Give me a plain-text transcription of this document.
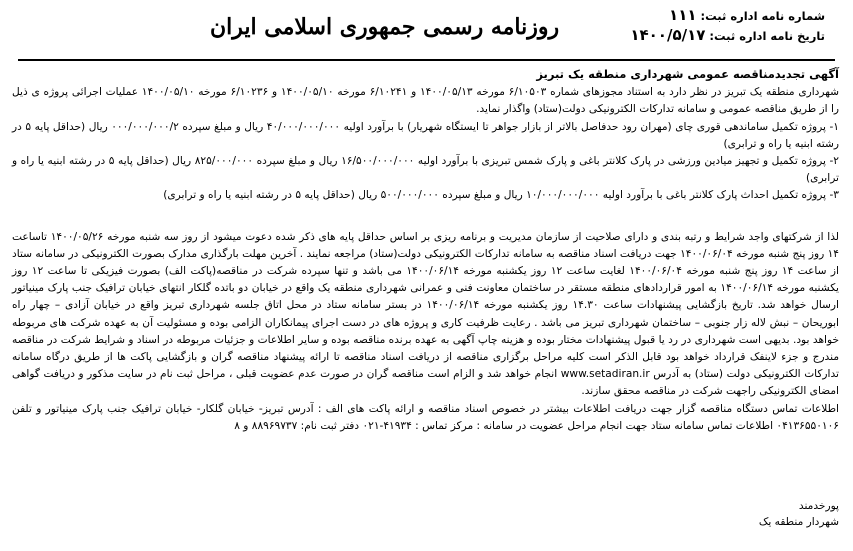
شماره نامه اداره ثبت: ۱۱۱
تاریخ نامه اداره ثبت: ۱۴۰۰/۵/۱۷
روزنامه رسمی جمهوری اسلامی ایران
آگهی تجدیدمناقصه عمومی شهرداری منطقه یک تبریز

شهرداری منطقه یک تبریز در نظر دارد به استناد مجوزهای شماره ۶/۱۰۵۰۳ مورخه ۱۴۰۰/۰۵/۱۳ و ۶/۱۰۲۴۱ مورخه ۱۴۰۰/۰۵/۱۰ و ۶/۱۰۲۳۶ مورخه ۱۴۰۰/۰۵/۱۰ عملیات اجرائی پروژه ی ذیل را از طریق مناقصه عمومی و سامانه تدارکات الکترونیکی دولت(ستاد) واگذار نماید.

۱- پروژه تکمیل ساماندهی قوری چای (مهران رود حدفاصل بالاتر از بازار جواهر تا ایستگاه شهریار) با برآورد اولیه ۴۰/۰۰۰/۰۰۰/۰۰۰ ریال و مبلغ سپرده ۰۰۰/۰۰۰/۰۰۰/۲ ریال (حداقل پایه ۵ در رشته ابنیه یا راه و ترابری)

۲- پروژه تکمیل و تجهیز میادین ورزشی در پارک کلانتر باغی و پارک شمس تبریزی با برآورد اولیه ۱۶/۵۰۰/۰۰۰/۰۰۰ ریال و مبلغ سپرده ۸۲۵/۰۰۰/۰۰۰ ریال (حداقل پایه ۵ در رشته ابنیه یا راه و ترابری)

۳- پروژه تکمیل احداث پارک کلانتر باغی با برآورد اولیه ۱۰/۰۰۰/۰۰۰/۰۰۰ ریال و مبلغ سپرده ۵۰۰/۰۰۰/۰۰۰ ریال (حداقل پایه ۵ در رشته ابنیه یا راه و ترابری)

لذا از شرکتهای واجد شرایط و رتبه بندی و دارای صلاحیت از سازمان مدیریت و برنامه ریزی بر اساس حداقل پایه های ذکر شده دعوت میشود از روز سه شنبه مورخه ۱۴۰۰/۰۵/۲۶ تاساعت ۱۴ روز پنج شنبه مورخه ۱۴۰۰/۰۶/۰۴ جهت دریافت اسناد مناقصه به سامانه تدارکات الکترونیکی دولت(ستاد) مراجعه نمایند . آخرین مهلت بارگذاری مدارک بصورت الکترونیکی در سامانه ستاد از ساعت ۱۴ روز پنج شنبه مورخه ۱۴۰۰/۰۶/۰۴ لغایت ساعت ۱۲ روز یکشنبه مورخه ۱۴۰۰/۰۶/۱۴ می باشد و تنها سپرده شرکت در مناقصه(پاکت الف) بصورت فیزیکی تا ساعت ۱۲ روز یکشنبه مورخه ۱۴۰۰/۰۶/۱۴ به امور قراردادهای منطقه مستقر در ساختمان معاونت فنی و عمرانی شهرداری منطقه یک واقع در خیابان دو باتده گلکار انتهای خیابان ترافیک جنب پارک مینیاتور ارسال خواهد شد. تاریخ بازگشایی پیشنهادات ساعت ۱۴.۳۰ روز یکشنبه مورخه ۱۴۰۰/۰۶/۱۴ در بستر سامانه ستاد در محل اتاق جلسه شهرداری تبریز واقع در خیابان آزادی – چهار راه ابوریحان – نبش لاله زار جنوبی – ساختمان شهرداری تبریز می باشد . رعایت ظرفیت کاری و پروژه های در دست اجرای پیمانکاران الزامی بوده و مسئولیت آن به عهده شرکت های مربوطه خواهد بود. بدیهی است شهرداری در رد یا قبول پیشنهادات مختار بوده و هزینه چاپ آگهی به عهده برنده مناقصه بوده و سایر اطلاعات و جزئیات مربوطه در اسناد و شرایط شرکت در مناقصه مندرج و جزء لاینفک قرارداد خواهد بود قابل الذکر است کلیه مراحل برگزاری مناقصه از دریافت اسناد مناقصه تا ارائه پیشنهاد مناقصه گران و بازگشایی پاکت ها از طریق درگاه سامانه تدارکات الکترونیکی دولت (ستاد) به آدرس www.setadiran.ir انجام خواهد شد و الزام است مناقصه گران در صورت عدم عضویت قبلی ، مراحل ثبت نام در سایت مذکور و دریافت گواهی امضای الکترونیکی راجهت شرکت در مناقصه محقق سازند.

اطلاعات تماس دستگاه مناقصه گزار جهت دریافت اطلاعات بیشتر در خصوص اسناد مناقصه و ارائه پاکت های الف : آدرس تبریز- خیابان گلکار- خیابان ترافیک جنب پارک مینیاتور و تلفن ۰۴۱۳۶۵۵۰۱۰۶ اطلاعات تماس سامانه ستاد جهت انجام مراحل عضویت در سامانه : مرکز تماس : ۴۱۹۳۴-۰۲۱ دفتر ثبت نام: ۸۸۹۶۹۷۳۷ و ۸

پورخدمند
شهردار منطقه یک
